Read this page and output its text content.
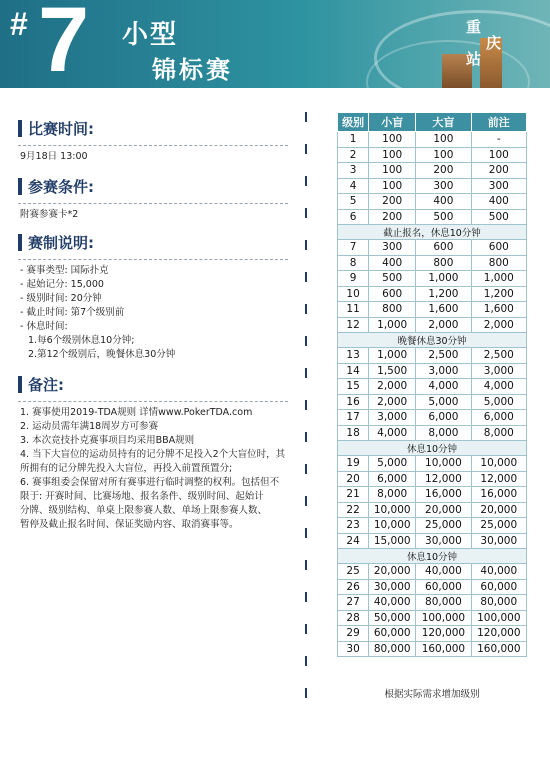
# 7 小型
锦标赛
重
庆
站
比赛时间:
9月18日 13:00
参赛条件:
附赛参赛卡*2
赛制说明:
- 赛事类型: 国际扑克
- 起始记分: 15,000
- 级别时间: 20分钟
- 截止时间: 第7个级别前
- 休息时间:
1.每6个级别休息10分钟;
2.第12个级别后，晚餐休息30分钟
备注:
1. 赛事使用2019-TDA规则 详情www.PokerTDA.com
2. 运动员需年满18周岁方可参赛
3. 本次竞技扑克赛事项目均采用BBA规则
4. 当下大盲位的运动员持有的记分牌不足投入2个大盲位时，其
所拥有的记分牌先投入大盲位，再投入前置预置分;
6. 赛事组委会保留对所有赛事进行临时调整的权利。包括但不
限于: 开赛时间、比赛场地、报名条件、级别时间、起始计
分牌、级别结构、单桌上限参赛人数、单场上限参赛人数、
暂停及截止报名时间、保证奖励内容、取消赛事等。
级别	小盲	大盲	前注
1	100	100	-
2	100	100	100
3	100	200	200
4	100	300	300
5	200	400	400
6	200	500	500
截止报名，休息10分钟			
7	300	600	600
8	400	800	800
9	500	1,000	1,000
10	600	1,200	1,200
11	800	1,600	1,600
12	1,000	2,000	2,000
晚餐休息30分钟			
13	1,000	2,500	2,500
14	1,500	3,000	3,000
15	2,000	4,000	4,000
16	2,000	5,000	5,000
17	3,000	6,000	6,000
18	4,000	8,000	8,000
休息10分钟			
19	5,000	10,000	10,000
20	6,000	12,000	12,000
21	8,000	16,000	16,000
22	10,000	20,000	20,000
23	10,000	25,000	25,000
24	15,000	30,000	30,000
休息10分钟			
25	20,000	40,000	40,000
26	30,000	60,000	60,000
27	40,000	80,000	80,000
28	50,000	100,000	100,000
29	60,000	120,000	120,000
30	80,000	160,000	160,000
根据实际需求增加级别
